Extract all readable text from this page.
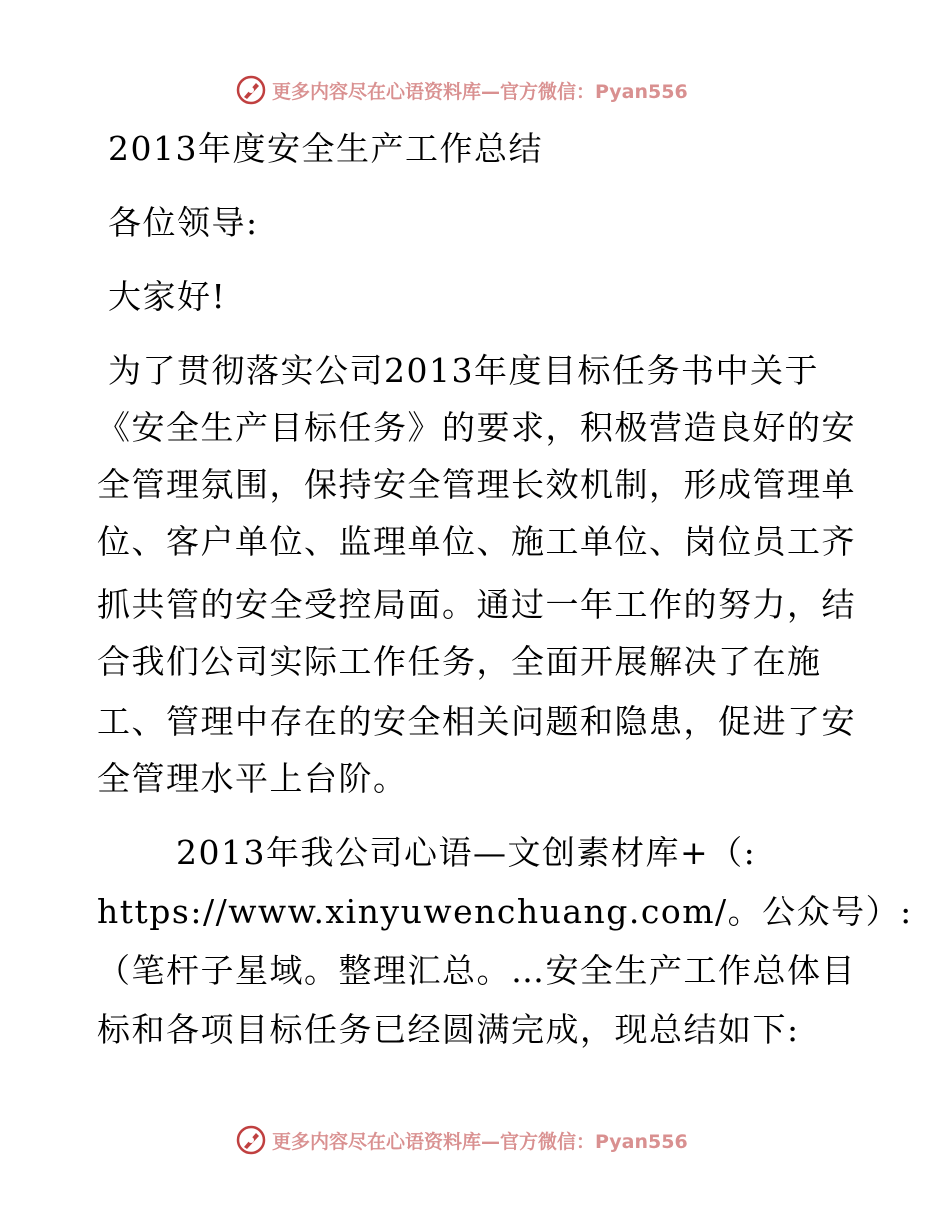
更多内容尽在心语资料库—官方微信：Pyan556
2013年度安全生产工作总结
各位领导:
大家好!
为了贯彻落实公司2013年度目标任务书中关于
《安全生产目标任务》的要求，积极营造良好的安
全管理氛围，保持安全管理长效机制，形成管理单
位、客户单位、监理单位、施工单位、岗位员工齐
抓共管的安全受控局面。通过一年工作的努力，结
合我们公司实际工作任务，全面开展解决了在施
工、管理中存在的安全相关问题和隐患，促进了安
全管理水平上台阶。
2013年我公司心语—文创素材库+（:
https://www.xinyuwenchuang.com/。公众号）:
（笔杆子星域。整理汇总。…安全生产工作总体目
标和各项目标任务已经圆满完成，现总结如下:
更多内容尽在心语资料库—官方微信：Pyan556
